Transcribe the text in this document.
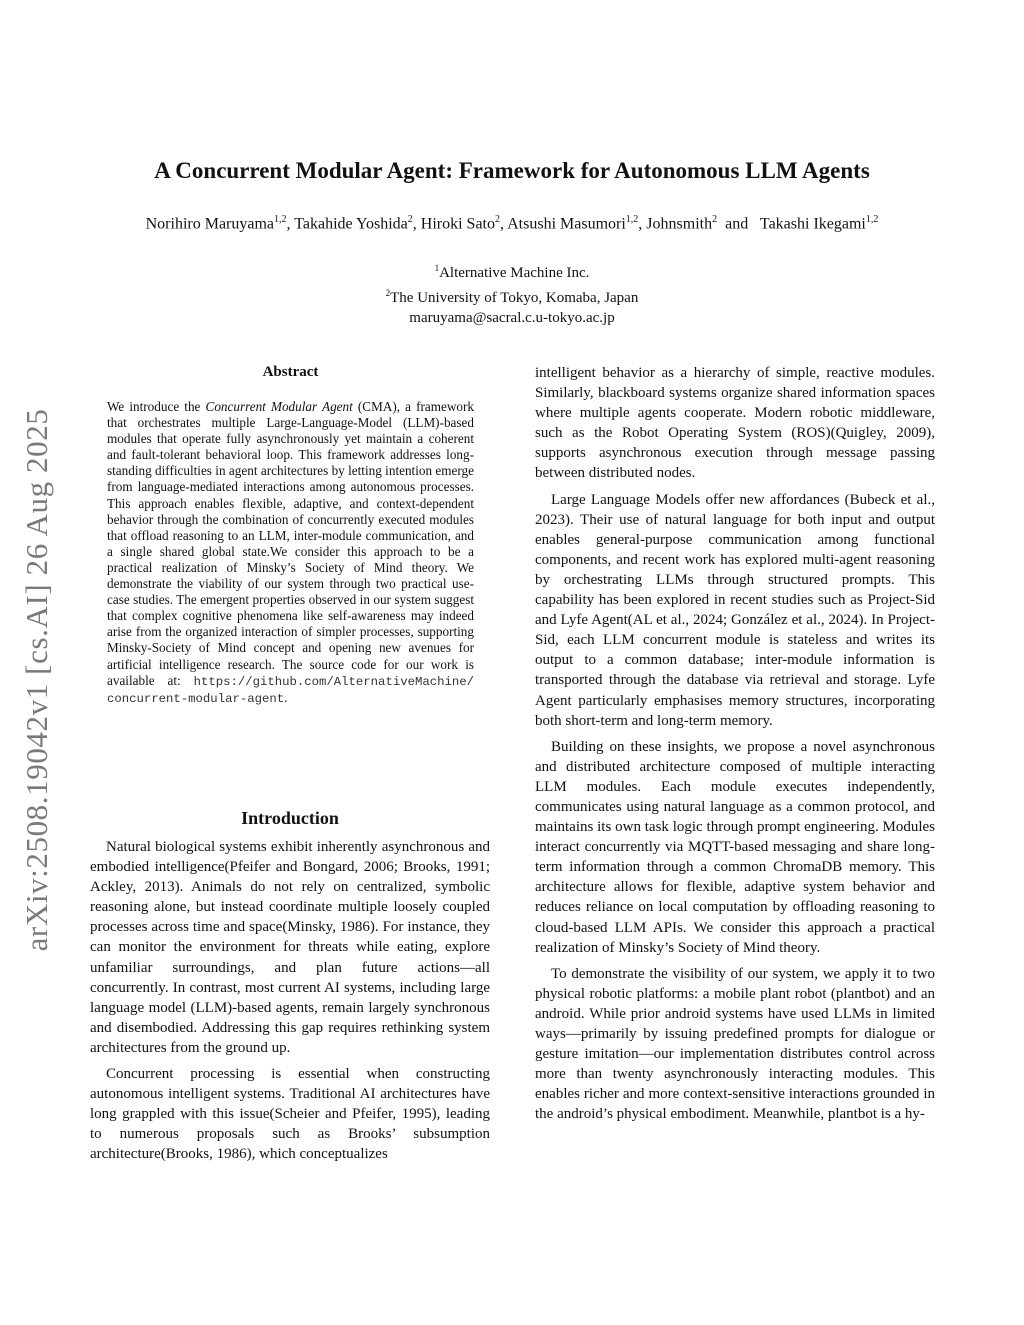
arXiv:2508.19042v1 [cs.AI] 26 Aug 2025
A Concurrent Modular Agent: Framework for Autonomous LLM Agents
Norihiro Maruyama$^{1,2}$, Takahide Yoshida$^2$, Hiroki Sato$^2$, Atsushi Masumori$^{1,2}$, Johnsmith$^2$  and   Takashi Ikegami$^{1,2}$
$^1$Alternative Machine Inc.
$^2$The University of Tokyo, Komaba, Japan
maruyama@sacral.c.u-tokyo.ac.jp
Abstract

We introduce the Concurrent Modular Agent (CMA), a framework that orchestrates multiple Large-Language-Model (LLM)-based modules that operate fully asynchronously yet maintain a coherent and fault-tolerant behavioral loop. This framework addresses long-standing difficulties in agent architectures by letting intention emerge from language-mediated interactions among autonomous processes. This approach enables flexible, adaptive, and context-dependent behavior through the combination of concurrently executed modules that offload reasoning to an LLM, inter-module communication, and a single shared global state.We consider this approach to be a practical realization of Minsky’s Society of Mind theory. We demonstrate the viability of our system through two practical use-case studies. The emergent properties observed in our system suggest that complex cognitive phenomena like self-awareness may indeed arise from the organized interaction of simpler processes, supporting Minsky-Society of Mind concept and opening new avenues for artificial intelligence research. The source code for our work is available at: https://github.com/AlternativeMachine/ concurrent-modular-agent.

Introduction

Natural biological systems exhibit inherently asynchronous and embodied intelligence(Pfeifer and Bongard, 2006; Brooks, 1991; Ackley, 2013). Animals do not rely on centralized, symbolic reasoning alone, but instead coordinate multiple loosely coupled processes across time and space(Minsky, 1986). For instance, they can monitor the environment for threats while eating, explore unfamiliar surroundings, and plan future actions—all concurrently. In contrast, most current AI systems, including large language model (LLM)-based agents, remain largely synchronous and disembodied. Addressing this gap requires rethinking system architectures from the ground up.

Concurrent processing is essential when constructing autonomous intelligent systems. Traditional AI architectures have long grappled with this issue(Scheier and Pfeifer, 1995), leading to numerous proposals such as Brooks’ subsumption architecture(Brooks, 1986), which conceptualizes

intelligent behavior as a hierarchy of simple, reactive modules. Similarly, blackboard systems organize shared information spaces where multiple agents cooperate. Modern robotic middleware, such as the Robot Operating System (ROS)(Quigley, 2009), supports asynchronous execution through message passing between distributed nodes.

Large Language Models offer new affordances (Bubeck et al., 2023). Their use of natural language for both input and output enables general-purpose communication among functional components, and recent work has explored multi-agent reasoning by orchestrating LLMs through structured prompts. This capability has been explored in recent studies such as Project-Sid and Lyfe Agent(AL et al., 2024; González et al., 2024). In Project-Sid, each LLM concurrent module is stateless and writes its output to a common database; inter-module information is transported through the database via retrieval and storage. Lyfe Agent particularly emphasises memory structures, incorporating both short-term and long-term memory.

Building on these insights, we propose a novel asynchronous and distributed architecture composed of multiple interacting LLM modules. Each module executes independently, communicates using natural language as a common protocol, and maintains its own task logic through prompt engineering. Modules interact concurrently via MQTT-based messaging and share long-term information through a common ChromaDB memory. This architecture allows for flexible, adaptive system behavior and reduces reliance on local computation by offloading reasoning to cloud-based LLM APIs. We consider this approach a practical realization of Minsky’s Society of Mind theory.

To demonstrate the visibility of our system, we apply it to two physical robotic platforms: a mobile plant robot (plantbot) and an android. While prior android systems have used LLMs in limited ways—primarily by issuing predefined prompts for dialogue or gesture imitation—our implementation distributes control across more than twenty asynchronously interacting modules. This enables richer and more context-sensitive interactions grounded in the android’s physical embodiment. Meanwhile, plantbot is a hy-
